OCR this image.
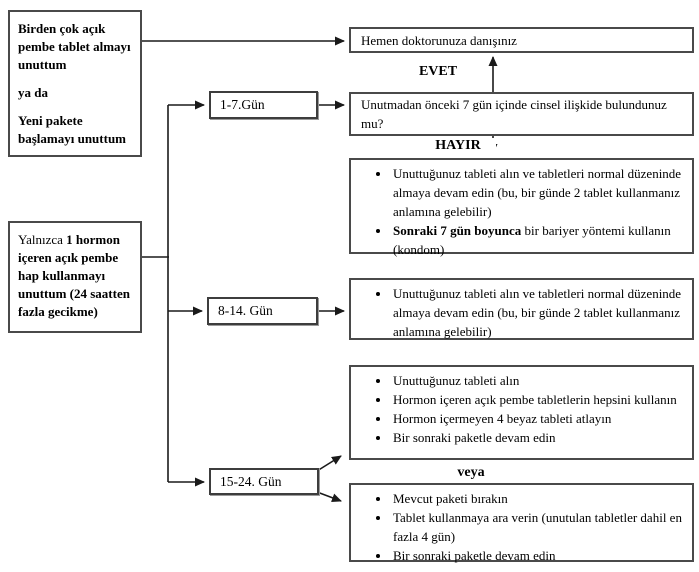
Birden çok açık pembe tablet almayı unuttum

ya da

Yeni pakete başlamayı unuttum

Yalnızca 1 hormon içeren açık pembe hap kullanmayı unuttum (24 saatten fazla gecikme)

1-7.Gün
8-14. Gün
15-24. Gün
EVET
HAYIR
veya
Hemen doktorunuza danışınız
Unutmadan önceki 7 gün içinde cinsel ilişkide bulundunuz mu?
• Unuttuğunuz tableti alın ve tabletleri normal düzeninde almaya devam edin (bu, bir günde 2 tablet kullanmanız anlamına gelebilir)
• Sonraki 7 gün boyunca bir bariyer yöntemi kullanın (kondom)
• Unuttuğunuz tableti alın ve tabletleri normal düzeninde almaya devam edin (bu, bir günde 2 tablet kullanmanız anlamına gelebilir)
• Unuttuğunuz tableti alın
• Hormon içeren açık pembe tabletlerin hepsini kullanın
• Hormon içermeyen 4 beyaz tableti atlayın
• Bir sonraki paketle devam edin
• Mevcut paketi bırakın
• Tablet kullanmaya ara verin (unutulan tabletler dahil en fazla 4 gün)
• Bir sonraki paketle devam edin
